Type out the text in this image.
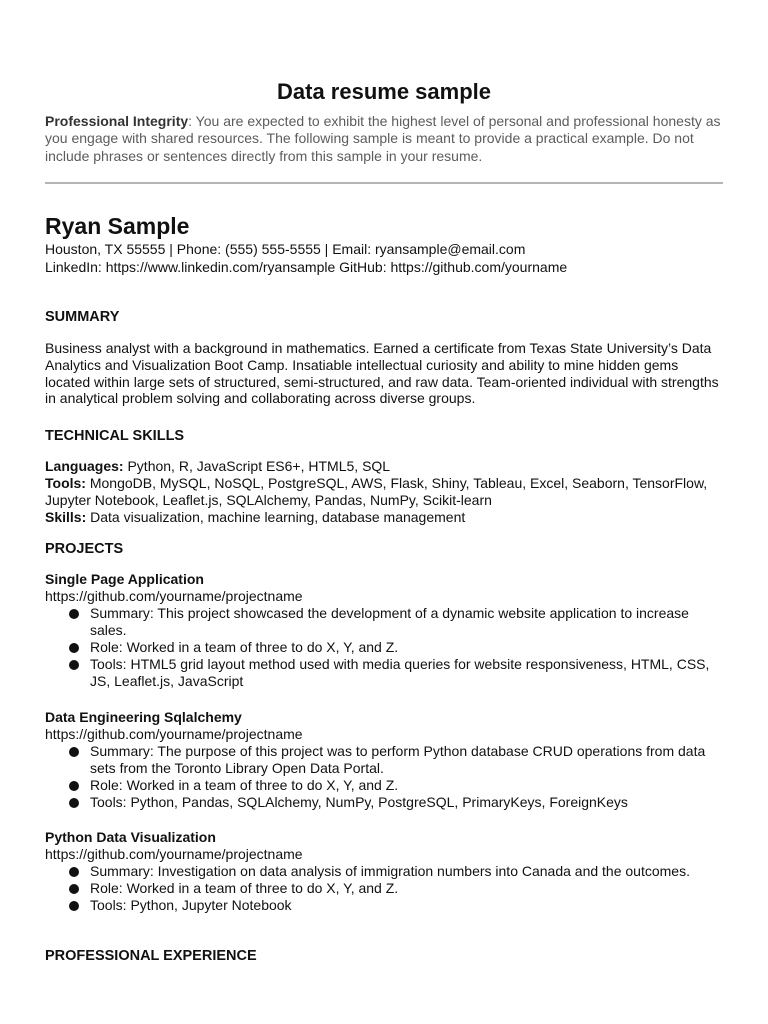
Data resume sample
Professional Integrity: You are expected to exhibit the highest level of personal and professional honesty as you engage with shared resources. The following sample is meant to provide a practical example. Do not include phrases or sentences directly from this sample in your resume.
Ryan Sample
Houston, TX 55555 | Phone: (555) 555-5555 | Email: ryansample@email.com
LinkedIn: https://www.linkedin.com/ryansample GitHub: https://github.com/yourname
SUMMARY
Business analyst with a background in mathematics. Earned a certificate from Texas State University’s Data Analytics and Visualization Boot Camp. Insatiable intellectual curiosity and ability to mine hidden gems located within large sets of structured, semi-structured, and raw data. Team-oriented individual with strengths in analytical problem solving and collaborating across diverse groups.
TECHNICAL SKILLS
Languages: Python, R, JavaScript ES6+, HTML5, SQL
Tools: MongoDB, MySQL, NoSQL, PostgreSQL, AWS, Flask, Shiny, Tableau, Excel, Seaborn, TensorFlow, Jupyter Notebook, Leaflet.js, SQLAlchemy, Pandas, NumPy, Scikit-learn
Skills: Data visualization, machine learning, database management
PROJECTS
Single Page Application
https://github.com/yourname/projectname
Summary: This project showcased the development of a dynamic website application to increase sales.
Role: Worked in a team of three to do X, Y, and Z.
Tools: HTML5 grid layout method used with media queries for website responsiveness, HTML, CSS, JS, Leaflet.js, JavaScript
Data Engineering Sqlalchemy
https://github.com/yourname/projectname
Summary: The purpose of this project was to perform Python database CRUD operations from data sets from the Toronto Library Open Data Portal.
Role: Worked in a team of three to do X, Y, and Z.
Tools: Python, Pandas, SQLAlchemy, NumPy, PostgreSQL, PrimaryKeys, ForeignKeys
Python Data Visualization
https://github.com/yourname/projectname
Summary: Investigation on data analysis of immigration numbers into Canada and the outcomes.
Role: Worked in a team of three to do X, Y, and Z.
Tools: Python, Jupyter Notebook
PROFESSIONAL EXPERIENCE
